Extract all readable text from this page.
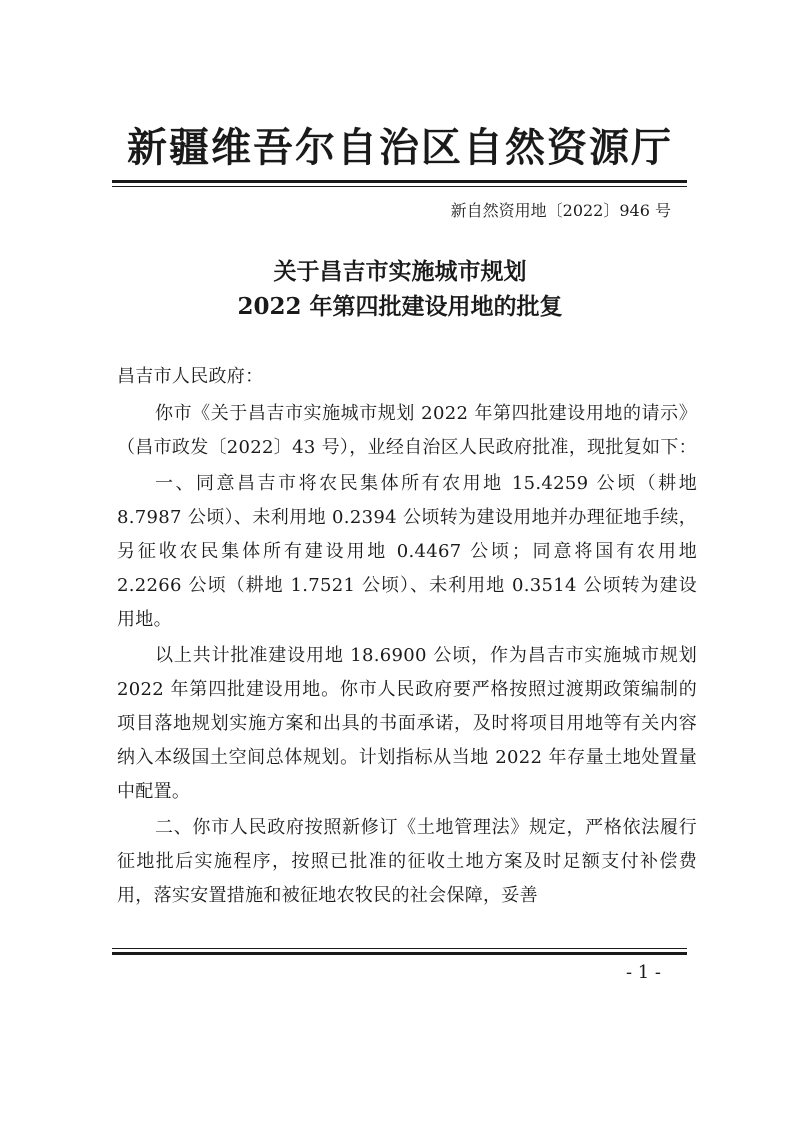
新疆维吾尔自治区自然资源厅
新自然资用地〔2022〕946 号
关于昌吉市实施城市规划
2022 年第四批建设用地的批复

昌吉市人民政府：

你市《关于昌吉市实施城市规划 2022 年第四批建设用地的请示》（昌市政发〔2022〕43 号），业经自治区人民政府批准，现批复如下：

一、同意昌吉市将农民集体所有农用地 15.4259 公顷（耕地 8.7987 公顷）、未利用地 0.2394 公顷转为建设用地并办理征地手续，另征收农民集体所有建设用地 0.4467 公顷；同意将国有农用地 2.2266 公顷（耕地 1.7521 公顷）、未利用地 0.3514 公顷转为建设用地。

以上共计批准建设用地 18.6900 公顷，作为昌吉市实施城市规划 2022 年第四批建设用地。你市人民政府要严格按照过渡期政策编制的项目落地规划实施方案和出具的书面承诺，及时将项目用地等有关内容纳入本级国土空间总体规划。计划指标从当地 2022 年存量土地处置量中配置。

二、你市人民政府按照新修订《土地管理法》规定，严格依法履行征地批后实施程序，按照已批准的征收土地方案及时足额支付补偿费用，落实安置措施和被征地农牧民的社会保障，妥善

- 1 -
